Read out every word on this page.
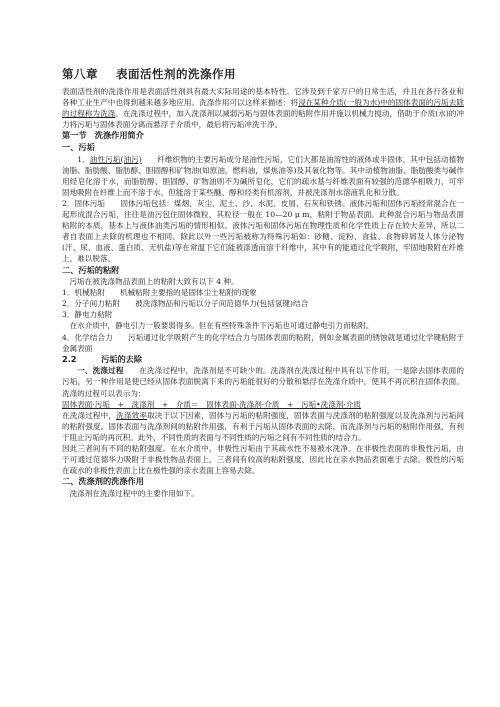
第八章 表面活性剂的洗涤作用

表面活性剂的洗涤作用是表面活性剂具有最大实际用途的基本特性。它涉及到千家万户的日常生活，并且在各行各业和各种工业生产中也得到越来越多地应用。洗涤作用可以这样来描述：将浸在某种介质(一般为水)中的固体表面的污垢去除的过程称为洗涤。在洗涤过程中，加入洗涤剂以减弱污垢与固体表面的粘附作用并施以机械力搅动，借助于介质(水)的冲力将污垢与固体表面分离而悬浮于介质中，最后将污垢冲洗干净。

第一节　洗涤作用简介
一、污垢

1．油性污垢(油污)　　纤维织物的主要污垢成分是油性污垢，它们大都是油溶性的液体或半固体，其中包括动植物油脂、脂肪酸、脂肪醇、胆固醇和矿物油(如原油，燃料油，煤焦油等)及其氧化物等。其中动植物油脂、脂肪酸类与碱作用经皂化溶于水，而脂肪醇、胆固醇、矿物油则不为碱所皂化，它们的疏水基与纤维表面有较强的范德华相吸力，可牢固地吸附在纤维上而不溶于水，但能溶于某些醚、醇和烃类有机溶剂，并被洗涤剂水溶液乳化和分散。

2．固体污垢　　固体污垢包括：煤烟、灰尘、泥土、沙、水泥、皮屑、石灰和铁锈。液体污垢和固体污垢经常混合在一起形成混合污垢，往往是油污包住固体微粒，其粒径一般在 10—20 μ m，粘附于物品表面。此种混合污垢与物品表面粘附的本质，基本上与液体油类污垢的情形相似。液体污垢和固体污垢在物理性质和化学性质上存在较大差异，所以二者自表面上去除的机理也不相同。除此以外一些污垢被称为特殊污垢如：砂糖、淀粉、食盐、食物碎屑及人体分泌物(汗、尿、血液、蛋白质、无机盐)等在常温下它们能被涤透而溶于纤维中，其中有的能通过化学吸附，牢固地吸附在纤维上，难以脱落。

二、污垢的粘附

污垢在被洗涤物品表面上的粘附大致有以下 4 种。

1．机械粘附　　机械粘附主要指的是固体尘土粘附的现象

2．分子间力粘附　　被洗涤物品和污垢以分子间范德华力(包括氢键)结合

3．静电力粘附

在水介质中，静电引力一般要弱得多。但在有些特殊条件下污垢也可通过静电引力而粘附。

4．化学结合力　　污垢通过化学吸附产生的化学结合力与固体表面的粘附，例如金属表面的锈蚀就是通过化学键粘附于金属表面

2.2　　　污垢的去除

一、洗涤过程　　在洗涤过程中，洗涤剂是不可缺少的。洗涤剂在洗涤过程中具有以下作用，一是除去固体表面的污垢，另一种作用是使已经从固体表面脱离下来的污垢能很好的分散和悬浮在洗涤介质中，使其不再沉积在固体表面。洗涤的过程可以表示为：

固体表面·污垢　+　洗涤剂　+　介质＝　固体表面·洗涤剂·介质　+　污垢•洗涤剂·介质

在洗涤过程中，洗涤效率取决于以下因素，固体与污垢的粘附强度，固体表面与洗涤剂的粘附强度以及洗涤剂与污垢间的粘附强度。固体表面与洗涤剂间的粘附作用强，有利于污垢从固体表面的去除，而洗涤剂与污垢的粘附作用强，有利于阻止污垢的再沉积。此外，不同性质的表面与不同性质的污垢之间有不同性质的结合力。

因此三者间有不同的粘附强度。在水介质中，非极性污垢由于其疏水性不易被水洗净。在非极性表面的非极性污垢，由于可通过范德华力吸附于非极性物品表面上，三者间有较高的粘附强度，因此比在亲水物品表面难于去除。极性的污垢在疏水的非极性表面上比在极性强的亲水表面上容易去除。

二、洗涤剂的洗涤作用

洗涤剂在洗涤过程中的主要作用如下。
